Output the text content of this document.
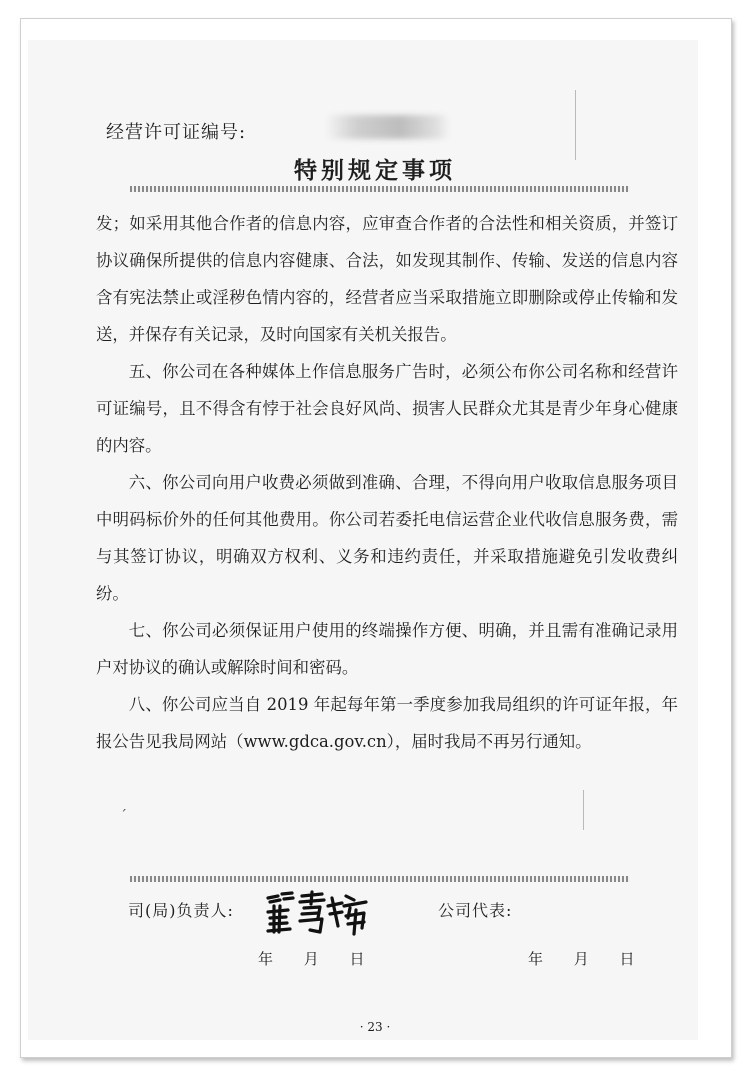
经营许可证编号:
特别规定事项

发；如采用其他合作者的信息内容，应审查合作者的合法性和相关资质，并签订协议确保所提供的信息内容健康、合法，如发现其制作、传输、发送的信息内容含有宪法禁止或淫秽色情内容的，经营者应当采取措施立即删除或停止传输和发送，并保存有关记录，及时向国家有关机关报告。

五、你公司在各种媒体上作信息服务广告时，必须公布你公司名称和经营许可证编号，且不得含有悖于社会良好风尚、损害人民群众尤其是青少年身心健康的内容。

六、你公司向用户收费必须做到准确、合理，不得向用户收取信息服务项目中明码标价外的任何其他费用。你公司若委托电信运营企业代收信息服务费，需与其签订协议，明确双方权利、义务和违约责任，并采取措施避免引发收费纠纷。

七、你公司必须保证用户使用的终端操作方便、明确，并且需有准确记录用户对协议的确认或解除时间和密码。

八、你公司应当自 2019 年起每年第一季度参加我局组织的许可证年报，年报公告见我局网站（www.gdca.gov.cn），届时我局不再另行通知。

ˊ
司(局)负责人:	公司代表:
年 月 日	年 月 日
· 23 ·
